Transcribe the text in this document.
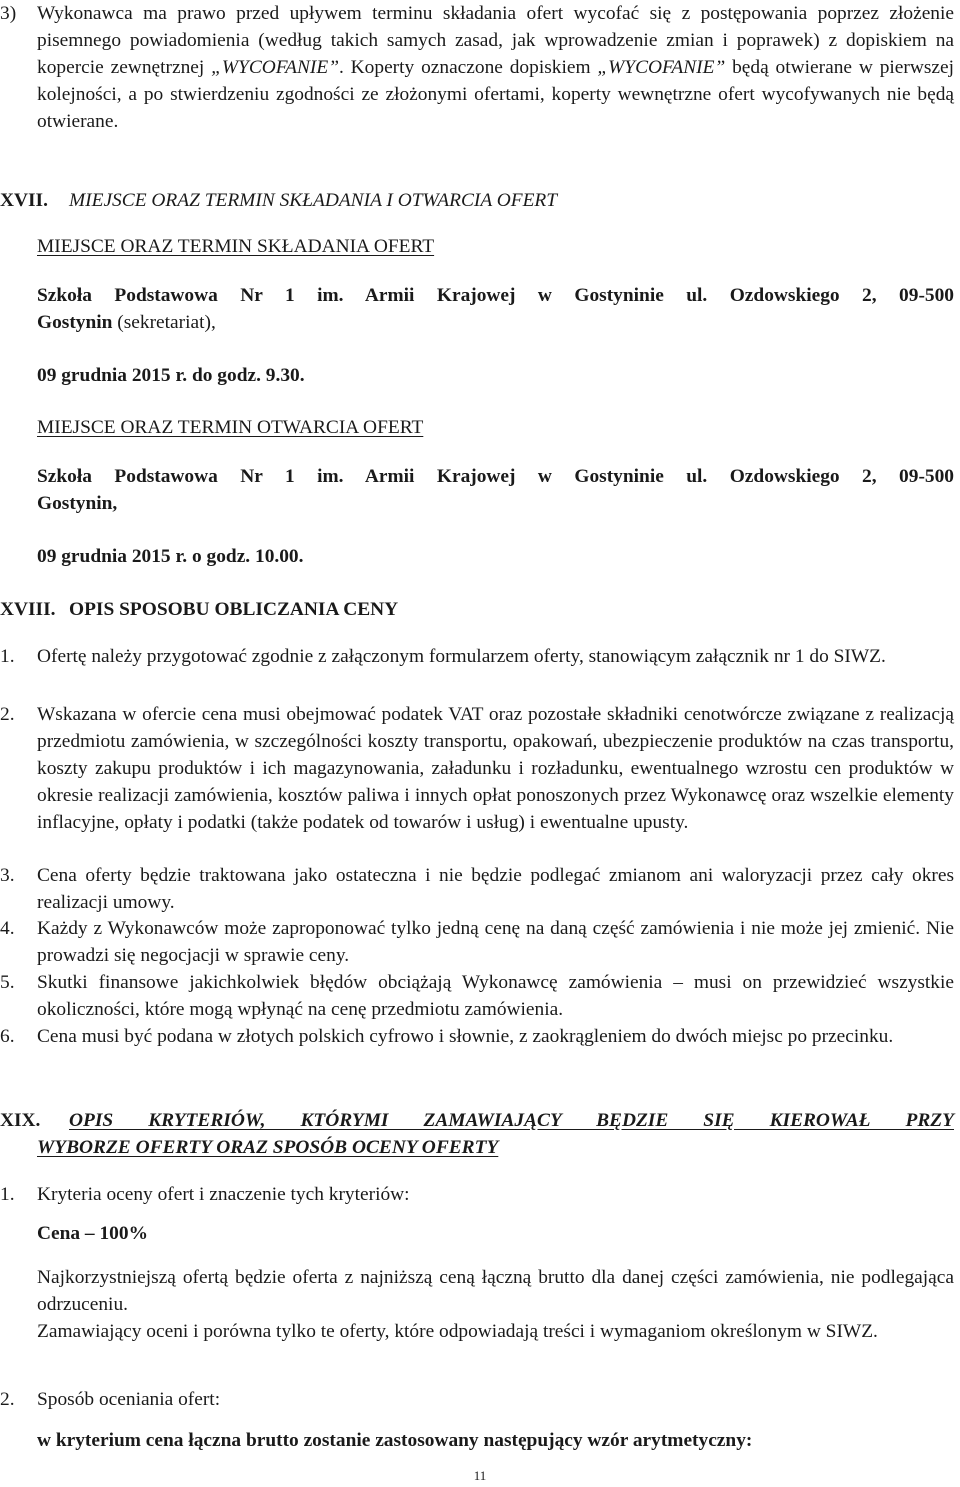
3) Wykonawca ma prawo przed upływem terminu składania ofert wycofać się z postępowania poprzez złożenie pisemnego powiadomienia (według takich samych zasad, jak wprowadzenie zmian i poprawek) z dopiskiem na kopercie zewnętrznej „WYCOFANIE”. Koperty oznaczone dopiskiem „WYCOFANIE” będą otwierane w pierwszej kolejności, a po stwierdzeniu zgodności ze złożonymi ofertami, koperty wewnętrzne ofert wycofywanych nie będą otwierane.
XVII. MIEJSCE ORAZ TERMIN SKŁADANIA I OTWARCIA OFERT
MIEJSCE ORAZ TERMIN SKŁADANIA OFERT
Szkoła Podstawowa Nr 1 im. Armii Krajowej w Gostyninie ul. Ozdowskiego 2, 09-500
Gostynin (sekretariat),
09 grudnia 2015 r. do godz. 9.30.
MIEJSCE ORAZ TERMIN OTWARCIA OFERT
Szkoła Podstawowa Nr 1 im. Armii Krajowej w Gostyninie ul. Ozdowskiego 2, 09-500
Gostynin,
09 grudnia 2015 r. o godz. 10.00.
XVIII. OPIS SPOSOBU OBLICZANIA CENY
1. Ofertę należy przygotować zgodnie z załączonym formularzem oferty, stanowiącym załącznik nr 1 do SIWZ.
2. Wskazana w ofercie cena musi obejmować podatek VAT oraz pozostałe składniki cenotwórcze związane z realizacją przedmiotu zamówienia, w szczególności koszty transportu, opakowań, ubezpieczenie produktów na czas transportu, koszty zakupu produktów i ich magazynowania, załadunku i rozładunku, ewentualnego wzrostu cen produktów w okresie realizacji zamówienia, kosztów paliwa i innych opłat ponoszonych przez Wykonawcę oraz wszelkie elementy inflacyjne, opłaty i podatki (także podatek od towarów i usług) i ewentualne upusty.
3. Cena oferty będzie traktowana jako ostateczna i nie będzie podlegać zmianom ani waloryzacji przez cały okres realizacji umowy.
4. Każdy z Wykonawców może zaproponować tylko jedną cenę na daną część zamówienia i nie może jej zmienić. Nie prowadzi się negocjacji w sprawie ceny.
5. Skutki finansowe jakichkolwiek błędów obciążają Wykonawcę zamówienia – musi on przewidzieć wszystkie okoliczności, które mogą wpłynąć na cenę przedmiotu zamówienia.
6. Cena musi być podana w złotych polskich cyfrowo i słownie, z zaokrągleniem do dwóch miejsc po przecinku.
XIX. OPIS KRYTERIÓW, KTÓRYMI ZAMAWIAJĄCY BĘDZIE SIĘ KIEROWAŁ PRZY
WYBORZE OFERTY ORAZ SPOSÓB OCENY OFERTY
1. Kryteria oceny ofert i znaczenie tych kryteriów:
Cena – 100%
Najkorzystniejszą ofertą będzie oferta z najniższą ceną łączną brutto dla danej części zamówienia, nie podlegająca odrzuceniu.
Zamawiający oceni i porówna tylko te oferty, które odpowiadają treści i wymaganiom określonym w SIWZ.
2. Sposób oceniania ofert:
w kryterium cena łączna brutto zostanie zastosowany następujący wzór arytmetyczny:
11
